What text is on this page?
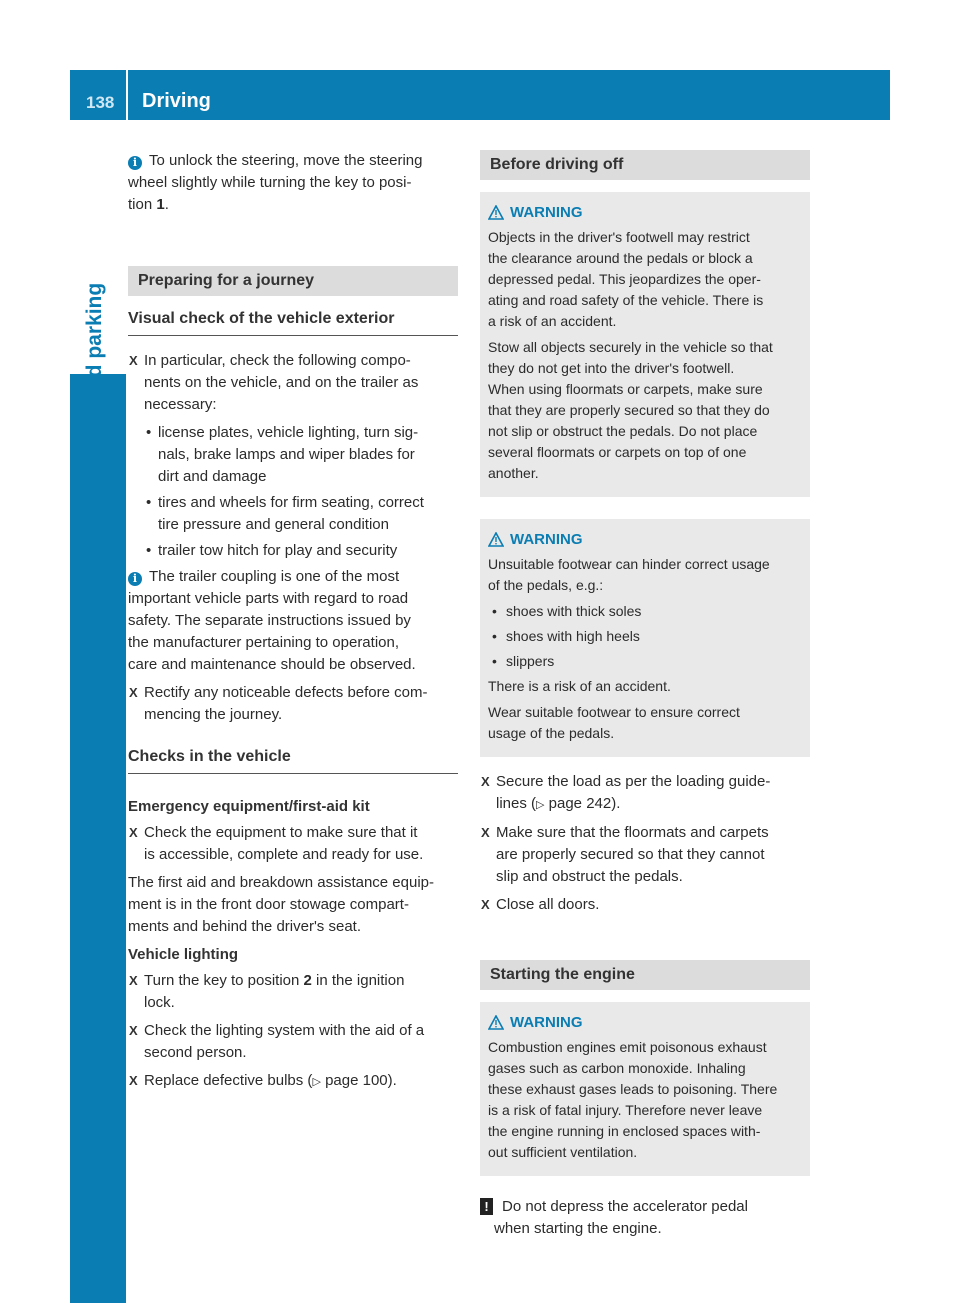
138 Driving
i To unlock the steering, move the steering
wheel slightly while turning the key to posi-
tion 1.
Preparing for a journey
Visual check of the vehicle exterior
X In particular, check the following compo-
nents on the vehicle, and on the trailer as
necessary:
• license plates, vehicle lighting, turn sig-
nals, brake lamps and wiper blades for
dirt and damage
• tires and wheels for firm seating, correct
tire pressure and general condition
• trailer tow hitch for play and security
i The trailer coupling is one of the most
important vehicle parts with regard to road
safety. The separate instructions issued by
the manufacturer pertaining to operation,
care and maintenance should be observed.
X Rectify any noticeable defects before com-
mencing the journey.
Checks in the vehicle
Emergency equipment/first-aid kit
X Check the equipment to make sure that it
is accessible, complete and ready for use.
The first aid and breakdown assistance equip-
ment is in the front door stowage compart-
ments and behind the driver's seat.
Vehicle lighting
X Turn the key to position 2 in the ignition
lock.
X Check the lighting system with the aid of a
second person.
X Replace defective bulbs (▷ page 100).
Before driving off
WARNING

Objects in the driver's footwell may restrict
the clearance around the pedals or block a
depressed pedal. This jeopardizes the oper-
ating and road safety of the vehicle. There is
a risk of an accident.

Stow all objects securely in the vehicle so that
they do not get into the driver's footwell.
When using floormats or carpets, make sure
that they are properly secured so that they do
not slip or obstruct the pedals. Do not place
several floormats or carpets on top of one
another.

WARNING

Unsuitable footwear can hinder correct usage
of the pedals, e.g.:

• shoes with thick soles
• shoes with high heels
• slippers

There is a risk of an accident.

Wear suitable footwear to ensure correct
usage of the pedals.

X Secure the load as per the loading guide-
lines (▷ page 242).
X Make sure that the floormats and carpets
are properly secured so that they cannot
slip and obstruct the pedals.
X Close all doors.
Starting the engine
WARNING

Combustion engines emit poisonous exhaust
gases such as carbon monoxide. Inhaling
these exhaust gases leads to poisoning. There
is a risk of fatal injury. Therefore never leave
the engine running in enclosed spaces with-
out sufficient ventilation.

! Do not depress the accelerator pedal
when starting the engine.
